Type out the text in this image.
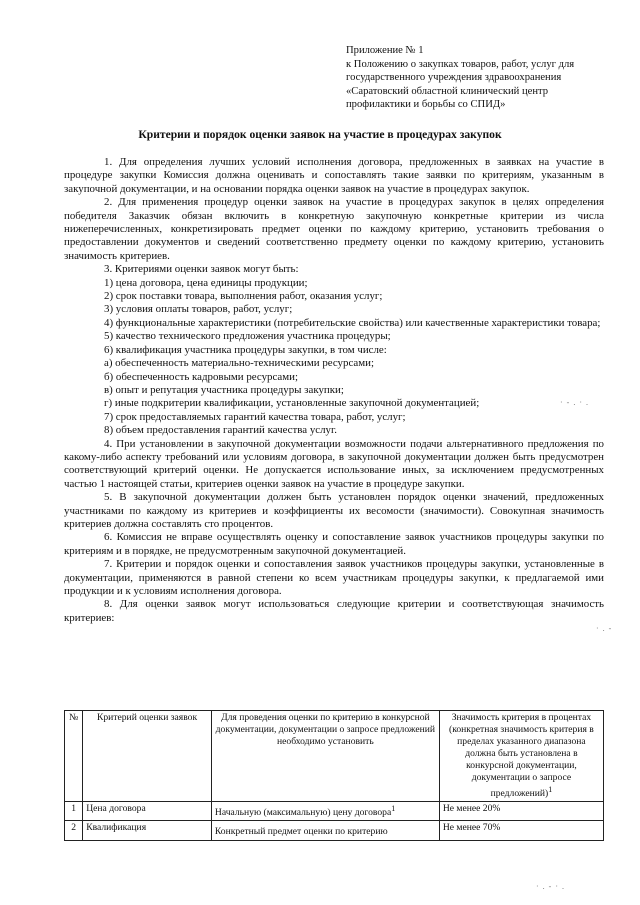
Приложение № 1
к Положению о закупках товаров, работ, услуг для
государственного учреждения здравоохранения
«Саратовский областной клинический центр
профилактики и борьбы со СПИД»
Критерии и порядок оценки заявок на участие в процедурах закупок

1. Для определения лучших условий исполнения договора, предложенных в заявках на участие в процедуре закупки Комиссия должна оценивать и сопоставлять такие заявки по критериям, указанным в закупочной документации, и на основании порядка оценки заявок на участие в процедурах закупок.

2. Для применения процедур оценки заявок на участие в процедурах закупок в целях определения победителя Заказчик обязан включить в конкретную закупочную конкретные критерии из числа нижеперечисленных, конкретизировать предмет оценки по каждому критерию, установить требования о предоставлении документов и сведений соответственно предмету оценки по каждому критерию, установить значимость критериев.

3. Критериями оценки заявок могут быть:

1) цена договора, цена единицы продукции;

2) срок поставки товара, выполнения работ, оказания услуг;

3) условия оплаты товаров, работ, услуг;

4) функциональные характеристики (потребительские свойства) или качественные характеристики товара;

5) качество технического предложения участника процедуры;

6) квалификация участника процедуры закупки, в том числе:

а) обеспеченность материально-техническими ресурсами;

б) обеспеченность кадровыми ресурсами;

в) опыт и репутация участника процедуры закупки;

г) иные подкритерии квалификации, установленные закупочной документацией;

7) срок предоставляемых гарантий качества товара, работ, услуг;

8) объем предоставления гарантий качества услуг.

4. При установлении в закупочной документации возможности подачи альтернативного предложения по какому-либо аспекту требований или условиям договора, в закупочной документации должен быть предусмотрен соответствующий критерий оценки. Не допускается использование иных, за исключением предусмотренных частью 1 настоящей статьи, критериев оценки заявок на участие в процедуре закупки.

5. В закупочной документации должен быть установлен порядок оценки значений, предложенных участниками по каждому из критериев и коэффициенты их весомости (значимости). Совокупная значимость критериев должна составлять сто процентов.

6. Комиссия не вправе осуществлять оценку и сопоставление заявок участников процедуры закупки по критериям и в порядке, не предусмотренным закупочной документацией.

7. Критерии и порядок оценки и сопоставления заявок участников процедуры закупки, установленные в документации, применяются в равной степени ко всем участникам процедуры закупки, к предлагаемой ими продукции и к условиям исполнения договора.

8. Для оценки заявок могут использоваться следующие критерии и соответствующая значимость критериев:

№	Критерий оценки заявок	Для проведения оценки по критерию в конкурсной документации, документации о запросе предложений необходимо установить	Значимость критерия в процентах (конкретная значимость критерия в пределах указанного диапазона должна быть установлена в конкурсной документации, документации о запросе предложений)$^1$
1	Цена договора	Начальную (максимальную) цену договора$^1$	Не менее 20%
2	Квалификация	Конкретный предмет оценки по критерию	Не менее 70%
· - . · .
· . -
· . - · .
